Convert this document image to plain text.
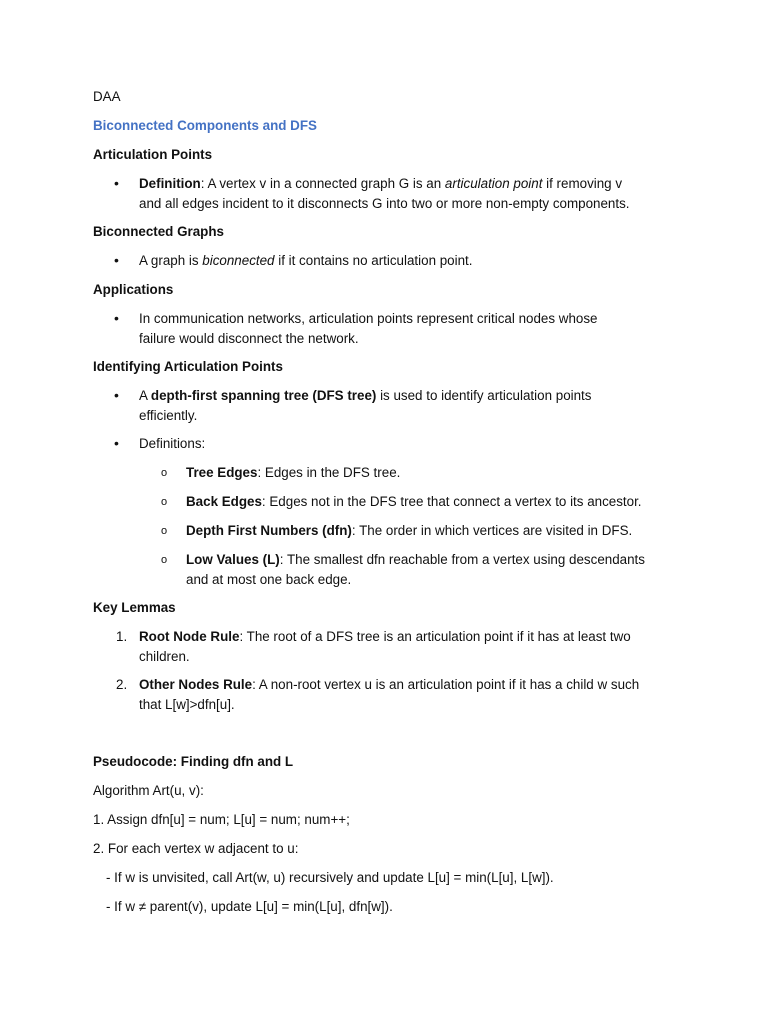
DAA

Biconnected Components and DFS

Articulation Points

• Definition: A vertex v in a connected graph G is an articulation point if removing v
and all edges incident to it disconnects G into two or more non-empty components.

Biconnected Graphs

• A graph is biconnected if it contains no articulation point.

Applications

• In communication networks, articulation points represent critical nodes whose
failure would disconnect the network.

Identifying Articulation Points

• A depth-first spanning tree (DFS tree) is used to identify articulation points
efficiently.

• Definitions:

o Tree Edges: Edges in the DFS tree.

o Back Edges: Edges not in the DFS tree that connect a vertex to its ancestor.

o Depth First Numbers (dfn): The order in which vertices are visited in DFS.

o Low Values (L): The smallest dfn reachable from a vertex using descendants
and at most one back edge.

Key Lemmas

1. Root Node Rule: The root of a DFS tree is an articulation point if it has at least two
children.

2. Other Nodes Rule: A non-root vertex u is an articulation point if it has a child w such
that L[w]>dfn[u].

Pseudocode: Finding dfn and L

Algorithm Art(u, v):

1. Assign dfn[u] = num; L[u] = num; num++;

2. For each vertex w adjacent to u:

- If w is unvisited, call Art(w, u) recursively and update L[u] = min(L[u], L[w]).

- If w ≠ parent(v), update L[u] = min(L[u], dfn[w]).
